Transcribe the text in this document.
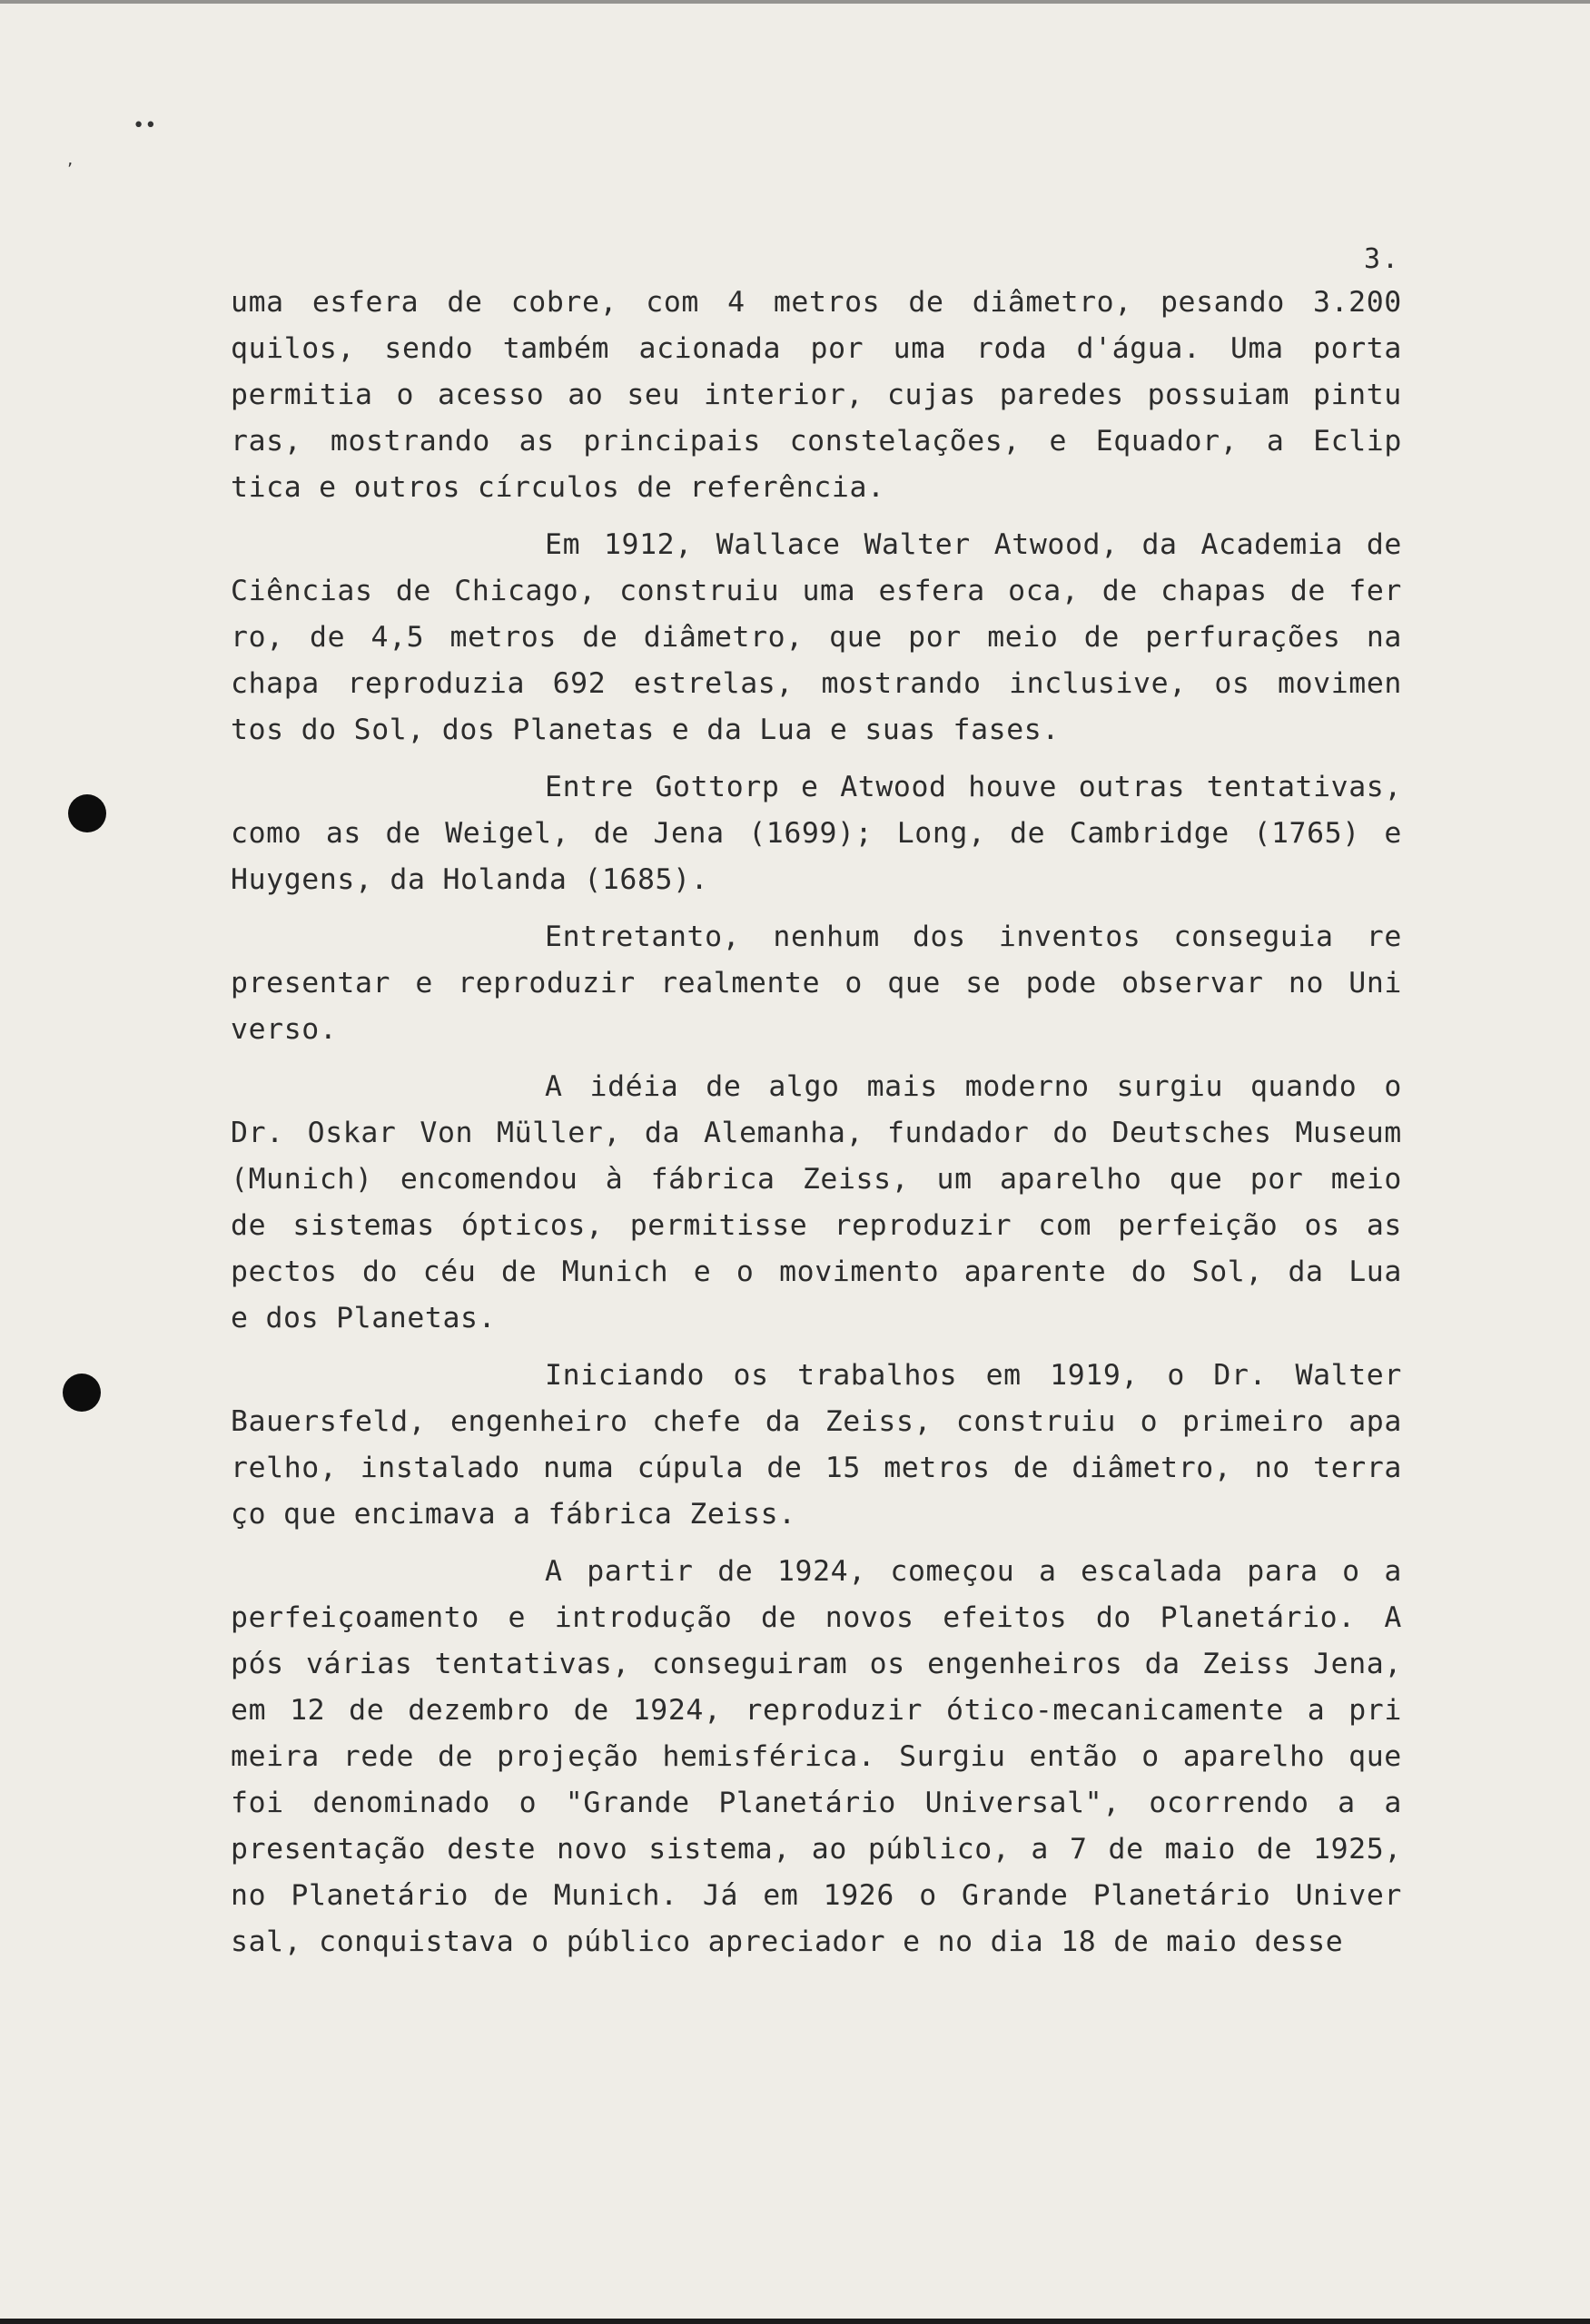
••
’
3.
uma esfera de cobre, com 4 metros de diâmetro, pesando 3.200
quilos, sendo também acionada por uma roda d'água. Uma porta
permitia o acesso ao seu interior, cujas paredes possuiam pintu
ras, mostrando as principais constelações, e Equador, a Eclip
tica e outros círculos de referência.
Em 1912, Wallace Walter Atwood, da Academia de
Ciências de Chicago, construiu uma esfera oca, de chapas de fer
ro, de 4,5 metros de diâmetro, que por meio de perfurações na
chapa reproduzia 692 estrelas, mostrando inclusive, os movimen
tos do Sol, dos Planetas e da Lua e suas fases.
Entre Gottorp e Atwood houve outras tentativas,
como as de Weigel, de Jena (1699); Long, de Cambridge (1765) e
Huygens, da Holanda (1685).
Entretanto, nenhum dos inventos conseguia re
presentar e reproduzir realmente o que se pode observar no Uni
verso.
A idéia de algo mais moderno surgiu quando o
Dr. Oskar Von Müller, da Alemanha, fundador do Deutsches Museum
(Munich) encomendou à fábrica Zeiss, um aparelho que por meio
de sistemas ópticos, permitisse reproduzir com perfeição os as
pectos do céu de Munich e o movimento aparente do Sol, da Lua
e dos Planetas.
Iniciando os trabalhos em 1919, o Dr. Walter
Bauersfeld, engenheiro chefe da Zeiss, construiu o primeiro apa
relho, instalado numa cúpula de 15 metros de diâmetro, no terra
ço que encimava a fábrica Zeiss.
A partir de 1924, começou a escalada para o a
perfeiçoamento e introdução de novos efeitos do Planetário. A
pós várias tentativas, conseguiram os engenheiros da Zeiss Jena,
em 12 de dezembro de 1924, reproduzir ótico-mecanicamente a pri
meira rede de projeção hemisférica. Surgiu então o aparelho que
foi denominado o "Grande Planetário Universal", ocorrendo a a
presentação deste novo sistema, ao público, a 7 de maio de 1925,
no Planetário de Munich. Já em 1926 o Grande Planetário Univer
sal, conquistava o público apreciador e no dia 18 de maio desse
